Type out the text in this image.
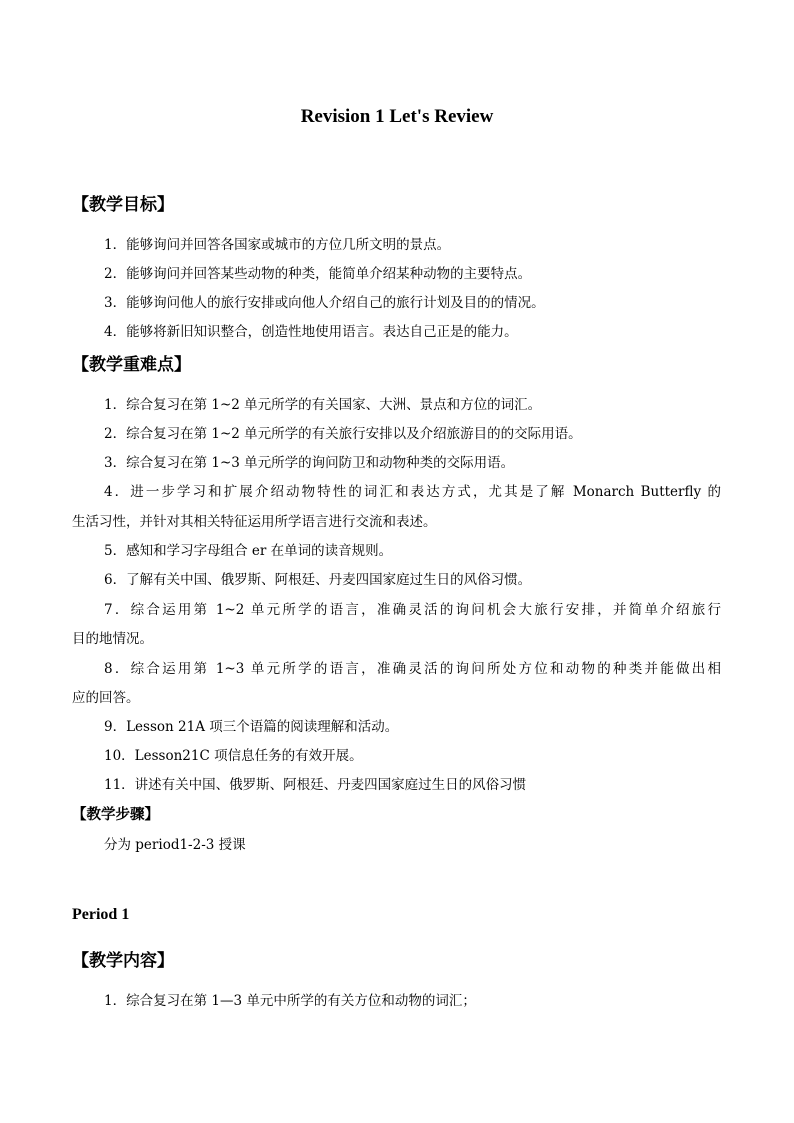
Revision 1 Let's Review
【教学目标】
1．能够询问并回答各国家或城市的方位几所文明的景点。
2．能够询问并回答某些动物的种类，能简单介绍某种动物的主要特点。
3．能够询问他人的旅行安排或向他人介绍自己的旅行计划及目的的情况。
4．能够将新旧知识整合，创造性地使用语言。表达自己正是的能力。
【教学重难点】
1．综合复习在第 1~2 单元所学的有关国家、大洲、景点和方位的词汇。
2．综合复习在第 1~2 单元所学的有关旅行安排以及介绍旅游目的的交际用语。
3．综合复习在第 1~3 单元所学的询问防卫和动物种类的交际用语。
4．进一步学习和扩展介绍动物特性的词汇和表达方式，尤其是了解 Monarch Butterfly 的
生活习性，并针对其相关特征运用所学语言进行交流和表述。
5．感知和学习字母组合 er 在单词的读音规则。
6．了解有关中国、俄罗斯、阿根廷、丹麦四国家庭过生日的风俗习惯。
7．综合运用第 1~2 单元所学的语言，准确灵活的询问机会大旅行安排，并简单介绍旅行
目的地情况。
8．综合运用第 1~3 单元所学的语言，准确灵活的询问所处方位和动物的种类并能做出相
应的回答。
9．Lesson 21A 项三个语篇的阅读理解和活动。
10．Lesson21C 项信息任务的有效开展。
11．讲述有关中国、俄罗斯、阿根廷、丹麦四国家庭过生日的风俗习惯
【教学步骤】
分为 period1-2-3 授课
Period 1
【教学内容】
1．综合复习在第 1—3 单元中所学的有关方位和动物的词汇；
